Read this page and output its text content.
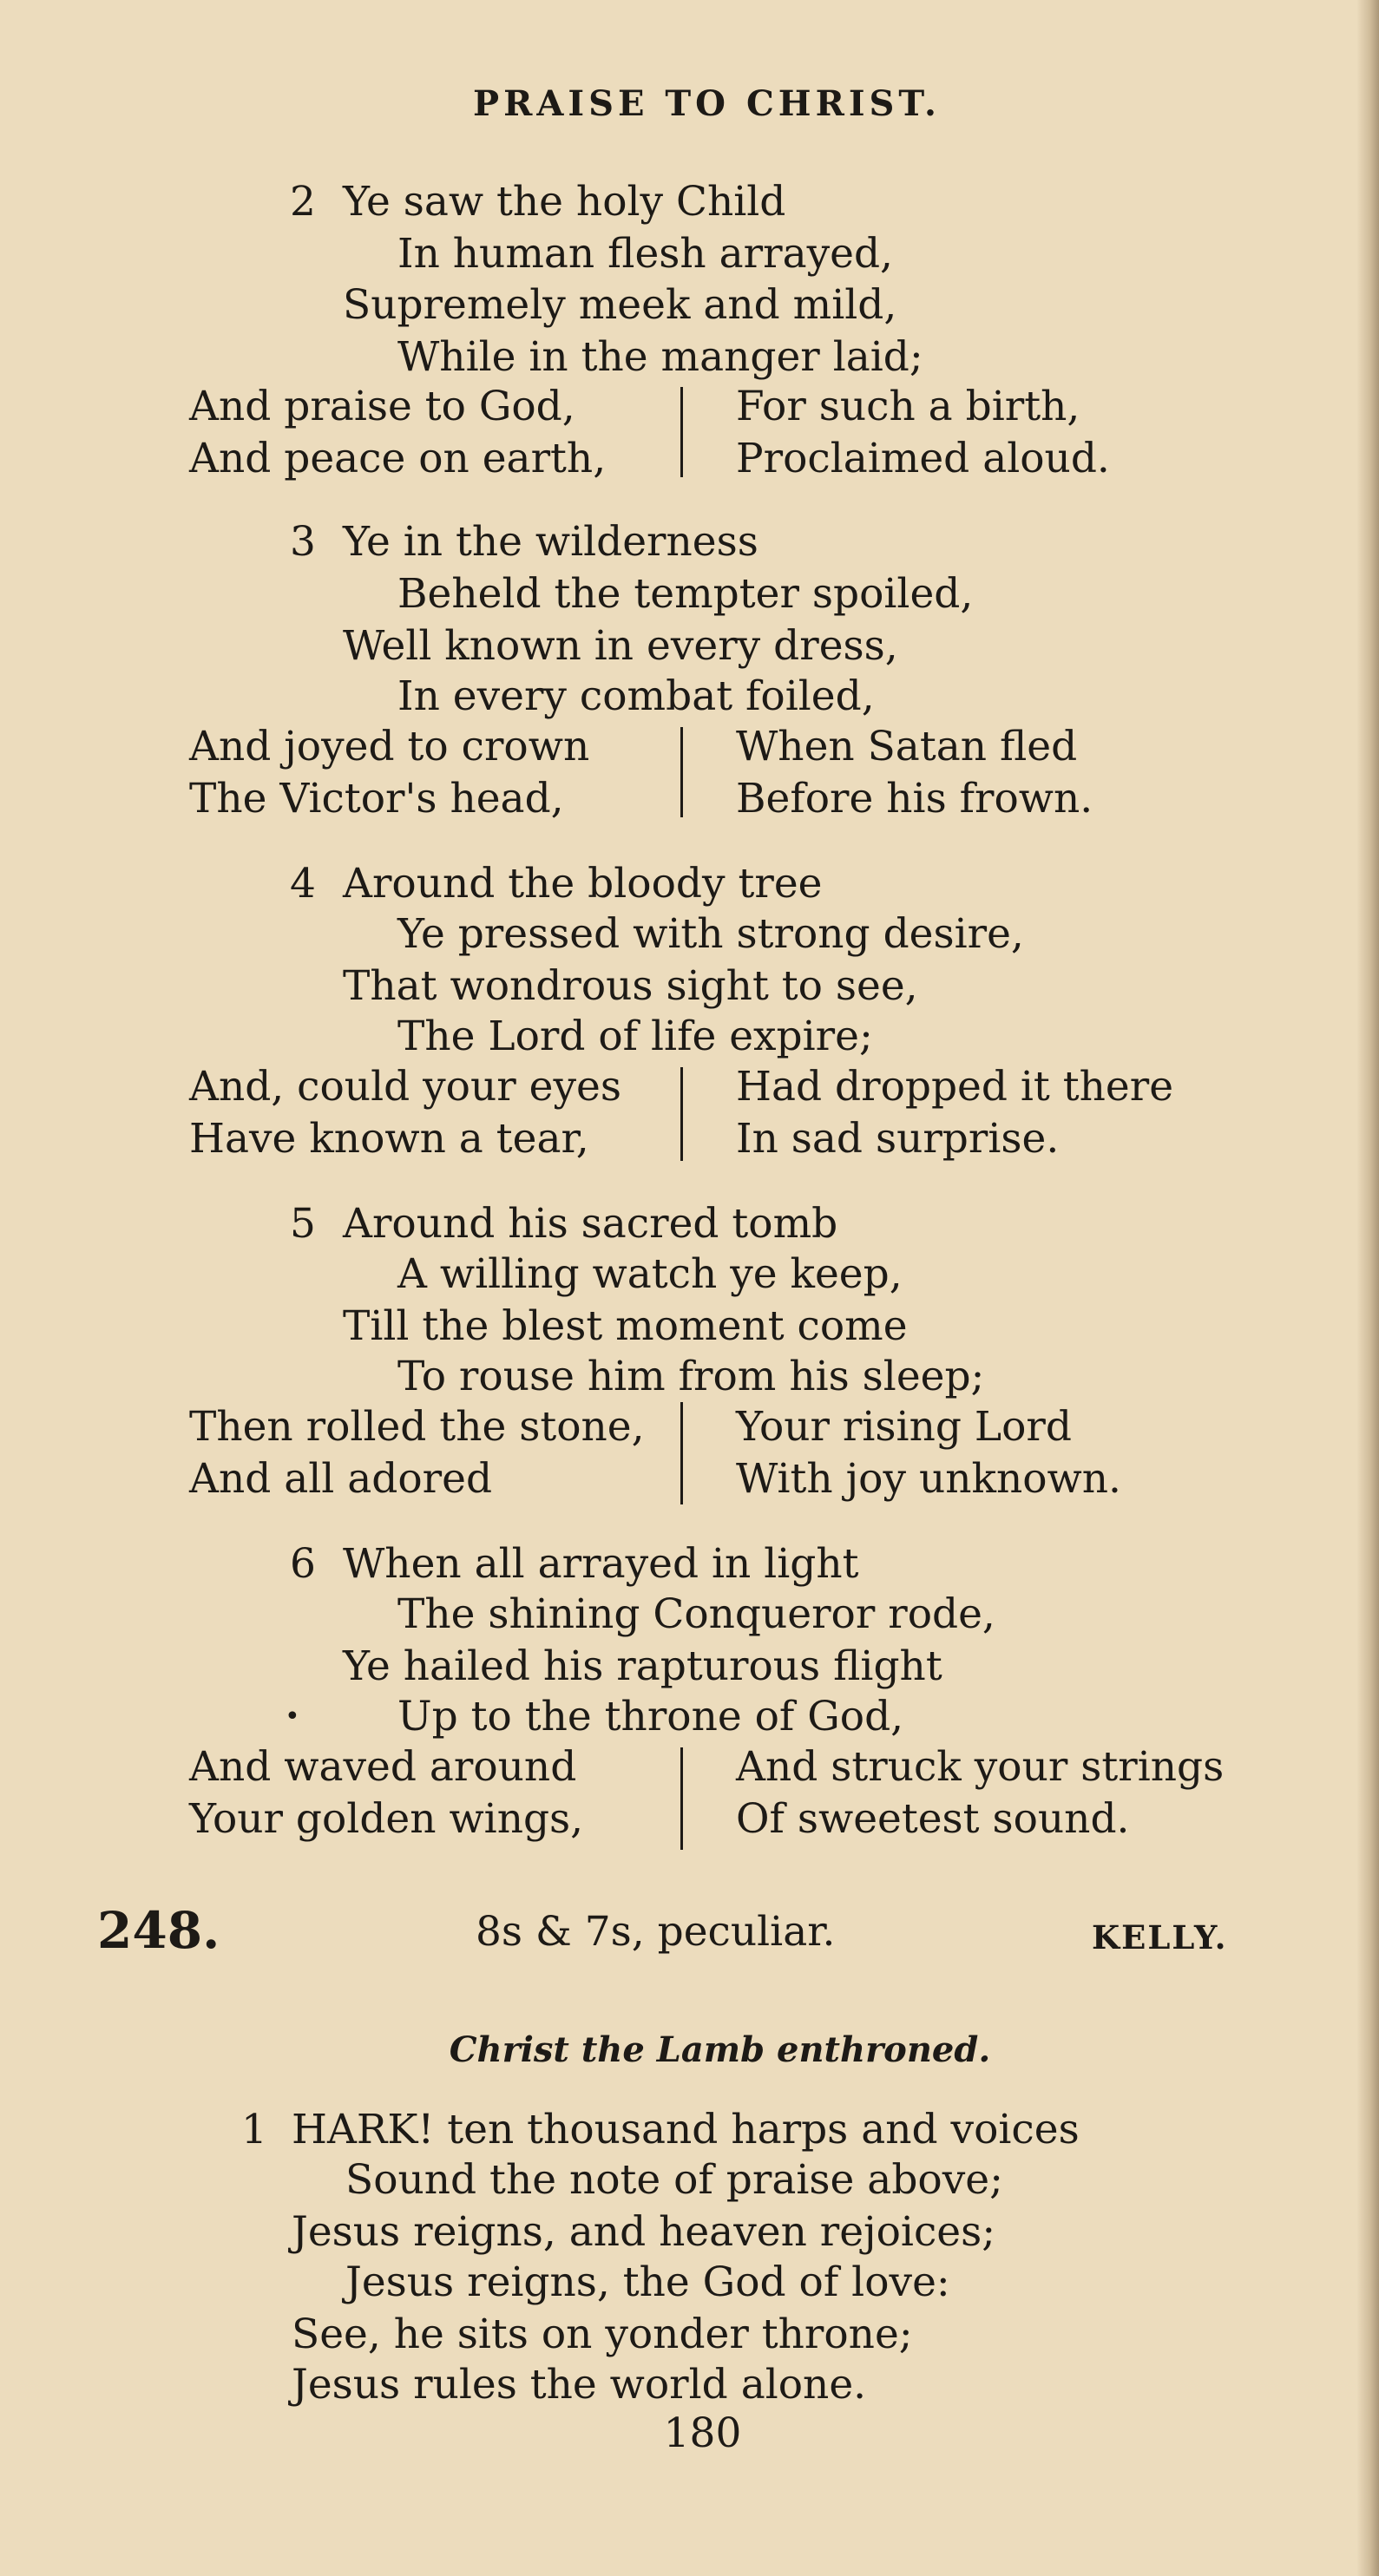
PRAISE TO CHRIST.
2 Ye saw the holy Child
In human flesh arrayed,
Supremely meek and mild,
While in the manger laid;
And praise to God,
And peace on earth,
For such a birth,
Proclaimed aloud.
3 Ye in the wilderness
Beheld the tempter spoiled,
Well known in every dress,
In every combat foiled,
And joyed to crown
The Victor's head,
When Satan fled
Before his frown.
4 Around the bloody tree
Ye pressed with strong desire,
That wondrous sight to see,
The Lord of life expire;
And, could your eyes
Have known a tear,
Had dropped it there
In sad surprise.
5 Around his sacred tomb
A willing watch ye keep,
Till the blest moment come
To rouse him from his sleep;
Then rolled the stone,
And all adored
Your rising Lord
With joy unknown.
6 When all arrayed in light
The shining Conqueror rode,
Ye hailed his rapturous flight
• Up to the throne of God,
And waved around
Your golden wings,
And struck your strings
Of sweetest sound.
248.	8s & 7s, peculiar.	KELLY.
Christ the Lamb enthroned.
1 HARK! ten thousand harps and voices
Sound the note of praise above;
Jesus reigns, and heaven rejoices;
Jesus reigns, the God of love:
See, he sits on yonder throne;
Jesus rules the world alone.
180
